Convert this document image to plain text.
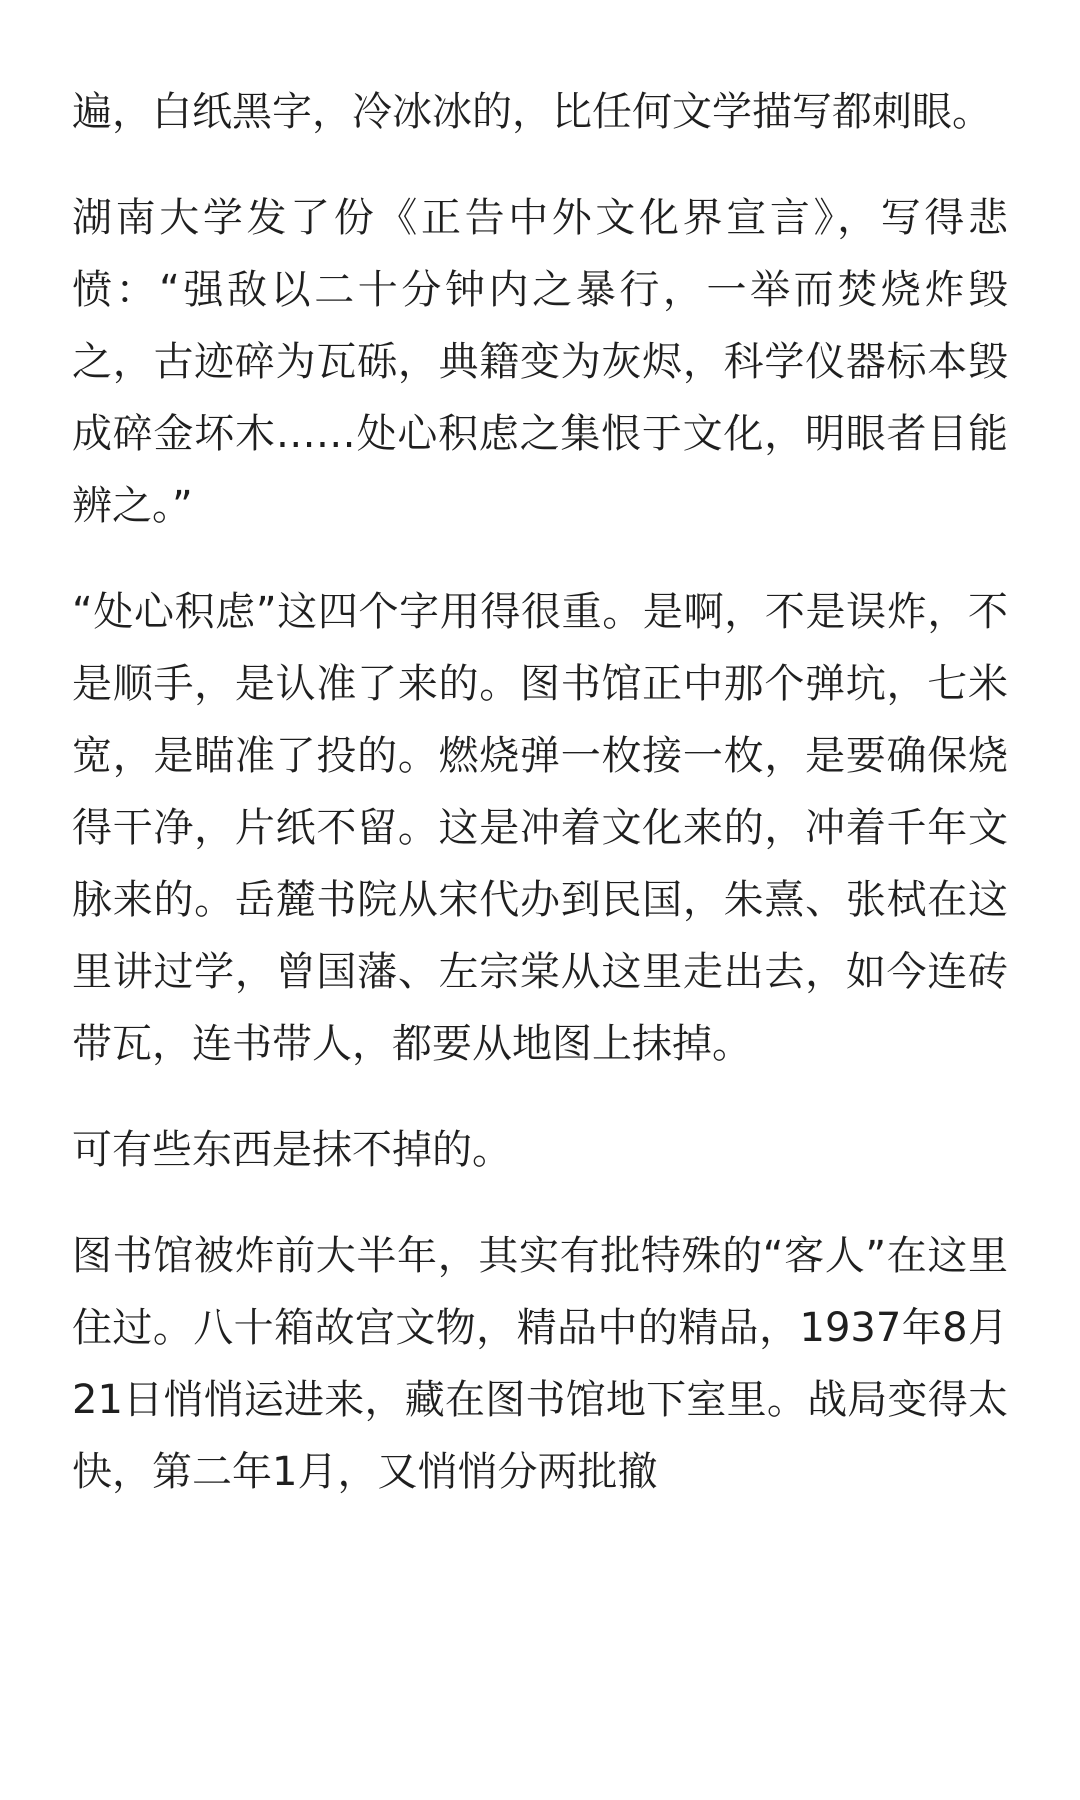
遍，白纸黑字，冷冰冰的，比任何文学描写都刺眼。

湖南大学发了份《正告中外文化界宣言》，写得悲愤：“强敌以二十分钟内之暴行，一举而焚烧炸毁之，古迹碎为瓦砾，典籍变为灰烬，科学仪器标本毁成碎金坏木……处心积虑之集恨于文化，明眼者目能辨之。”

“处心积虑”这四个字用得很重。是啊，不是误炸，不是顺手，是认准了来的。图书馆正中那个弹坑，七米宽，是瞄准了投的。燃烧弹一枚接一枚，是要确保烧得干净，片纸不留。这是冲着文化来的，冲着千年文脉来的。岳麓书院从宋代办到民国，朱熹、张栻在这里讲过学，曾国藩、左宗棠从这里走出去，如今连砖带瓦，连书带人，都要从地图上抹掉。

可有些东西是抹不掉的。

图书馆被炸前大半年，其实有批特殊的“客人”在这里住过。八十箱故宫文物，精品中的精品，1937年8月21日悄悄运进来，藏在图书馆地下室里。战局变得太快，第二年1月，又悄悄分两批撤
